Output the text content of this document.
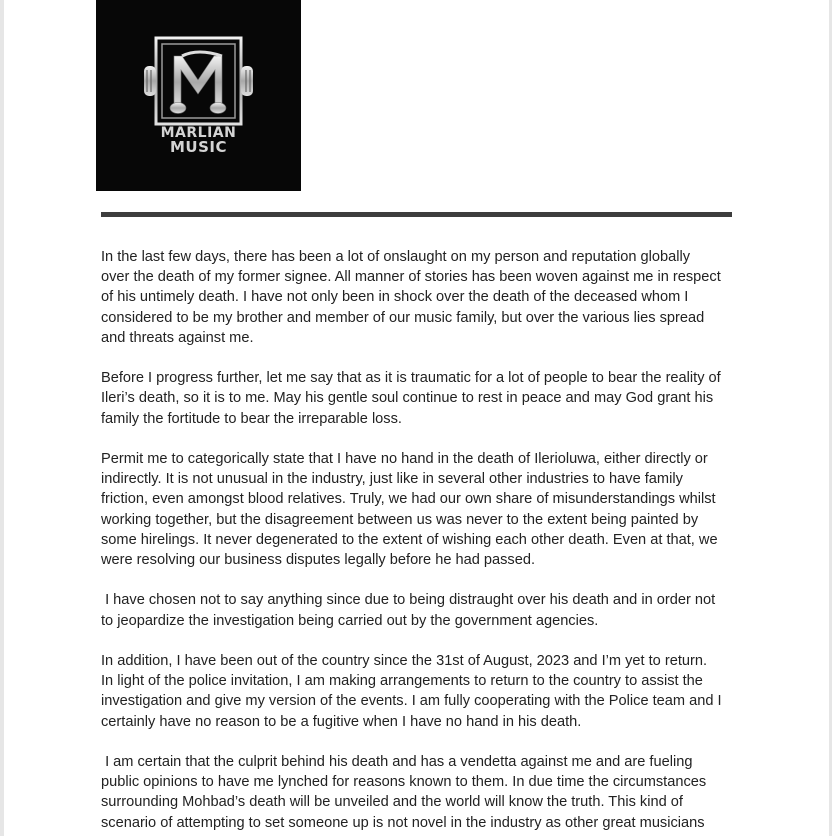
MARLIAN
MUSIC
In the last few days, there has been a lot of onslaught on my person and reputation globally
over the death of my former signee. All manner of stories has been woven against me in respect
of his untimely death. I have not only been in shock over the death of the deceased whom I
considered to be my brother and member of our music family, but over the various lies spread
and threats against me.
Before I progress further, let me say that as it is traumatic for a lot of people to bear the reality of
Ileri’s death, so it is to me. May his gentle soul continue to rest in peace and may God grant his
family the fortitude to bear the irreparable loss.
Permit me to categorically state that I have no hand in the death of Ilerioluwa, either directly or
indirectly. It is not unusual in the industry, just like in several other industries to have family
friction, even amongst blood relatives. Truly, we had our own share of misunderstandings whilst
working together, but the disagreement between us was never to the extent being painted by
some hirelings. It never degenerated to the extent of wishing each other death. Even at that, we
were resolving our business disputes legally before he had passed.
I have chosen not to say anything since due to being distraught over his death and in order not
to jeopardize the investigation being carried out by the government agencies.
In addition, I have been out of the country since the 31st of August, 2023 and I’m yet to return.
In light of the police invitation, I am making arrangements to return to the country to assist the
investigation and give my version of the events. I am fully cooperating with the Police team and I
certainly have no reason to be a fugitive when I have no hand in his death.
I am certain that the culprit behind his death and has a vendetta against me and are fueling
public opinions to have me lynched for reasons known to them. In due time the circumstances
surrounding Mohbad’s death will be unveiled and the world will know the truth. This kind of
scenario of attempting to set someone up is not novel in the industry as other great musicians
